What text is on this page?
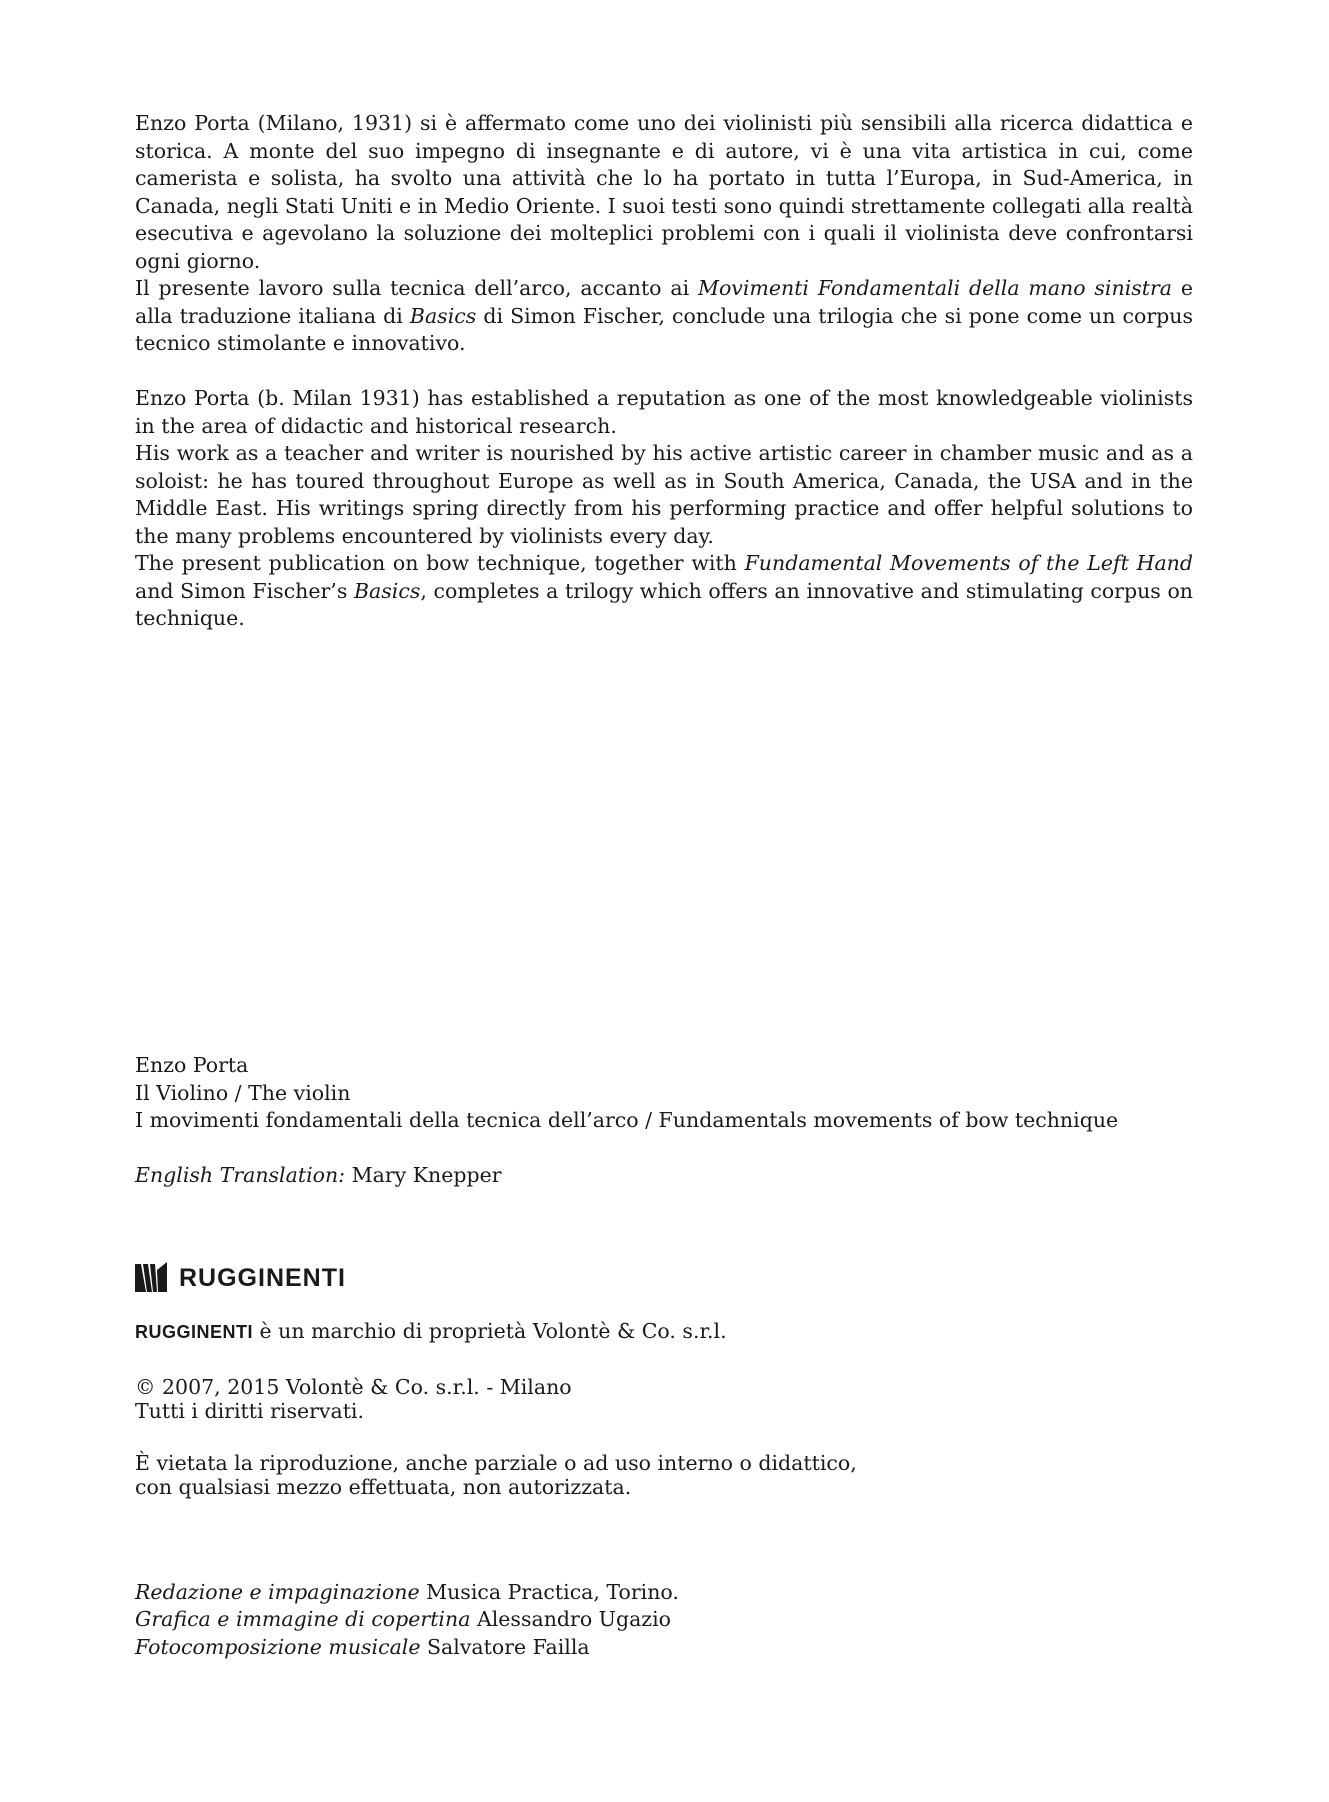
Enzo Porta (Milano, 1931) si è affermato come uno dei violinisti più sensibili alla ricerca didattica e storica. A monte del suo impegno di insegnante e di autore, vi è una vita artistica in cui, come camerista e solista, ha svolto una attività che lo ha portato in tutta l’Europa, in Sud-America, in Canada, negli Stati Uniti e in Medio Oriente. I suoi testi sono quindi strettamente collegati alla realtà esecutiva e agevolano la soluzione dei molteplici problemi con i quali il violinista deve confrontarsi ogni giorno.

Il presente lavoro sulla tecnica dell’arco, accanto ai Movimenti Fondamentali della mano sinistra e alla traduzione italiana di Basics di Simon Fischer, conclude una trilogia che si pone come un corpus tecnico stimolante e innovativo.

Enzo Porta (b. Milan 1931) has established a reputation as one of the most knowledgeable violinists in the area of didactic and historical research.

His work as a teacher and writer is nourished by his active artistic career in chamber music and as a soloist: he has toured throughout Europe as well as in South America, Canada, the USA and in the Middle East. His writings spring directly from his performing practice and offer helpful solutions to the many problems encountered by violinists every day.

The present publication on bow technique, together with Fundamental Movements of the Left Hand and Simon Fischer’s Basics, completes a trilogy which offers an innovative and stimulating corpus on technique.

Enzo Porta
Il Violino / The violin
I movimenti fondamentali della tecnica dell’arco / Fundamentals movements of bow technique
English Translation: Mary Knepper
RUGGINENTI
RUGGINENTI è un marchio di proprietà Volontè & Co. s.r.l.
© 2007, 2015 Volontè & Co. s.r.l. - Milano
Tutti i diritti riservati.
È vietata la riproduzione, anche parziale o ad uso interno o didattico,
con qualsiasi mezzo effettuata, non autorizzata.
Redazione e impaginazione Musica Practica, Torino.
Grafica e immagine di copertina Alessandro Ugazio
Fotocomposizione musicale Salvatore Failla
